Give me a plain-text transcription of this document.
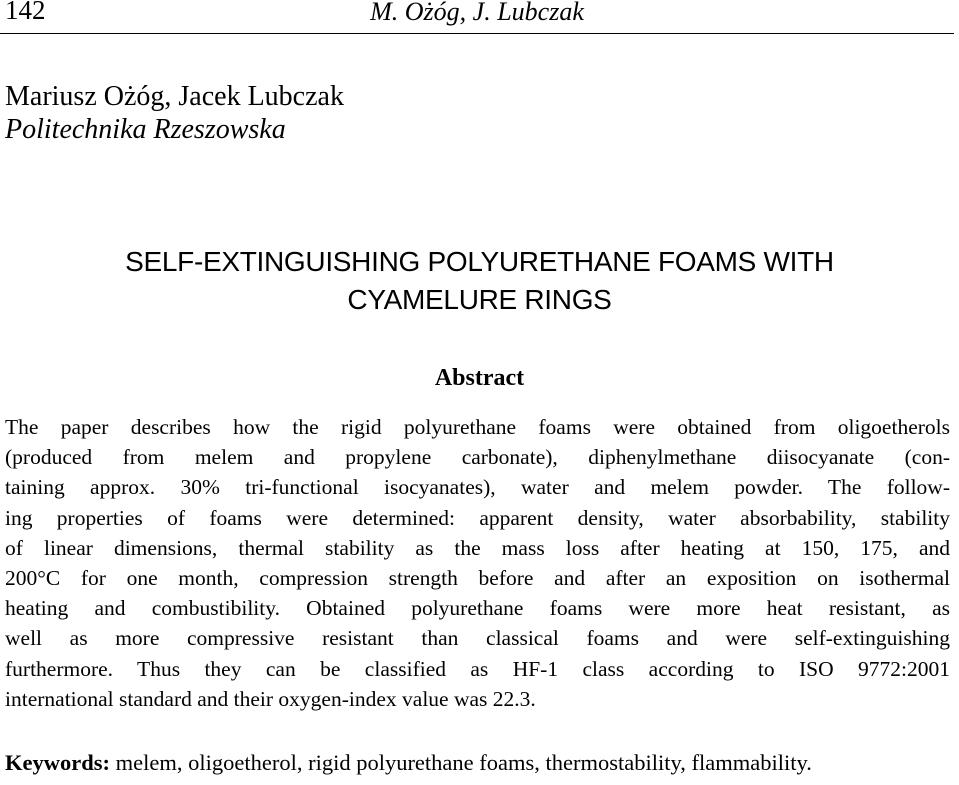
142	M. Ożóg, J. Lubczak
Mariusz Ożóg, Jacek Lubczak
Politechnika Rzeszowska
SELF-EXTINGUISHING POLYURETHANE FOAMS WITH
CYAMELURE RINGS
Abstract
The paper describes how the rigid polyurethane foams were obtained from oligoetherols
(produced from melem and propylene carbonate), diphenylmethane diisocyanate (con-
taining approx. 30% tri-functional isocyanates), water and melem powder. The follow-
ing properties of foams were determined: apparent density, water absorbability, stability
of linear dimensions, thermal stability as the mass loss after heating at 150, 175, and
200°C for one month, compression strength before and after an exposition on isothermal
heating and combustibility. Obtained polyurethane foams were more heat resistant, as
well as more compressive resistant than classical foams and were self-extinguishing
furthermore. Thus they can be classified as HF-1 class according to ISO 9772:2001
international standard and their oxygen-index value was 22.3.
Keywords: melem, oligoetherol, rigid polyurethane foams, thermostability, flammability.
